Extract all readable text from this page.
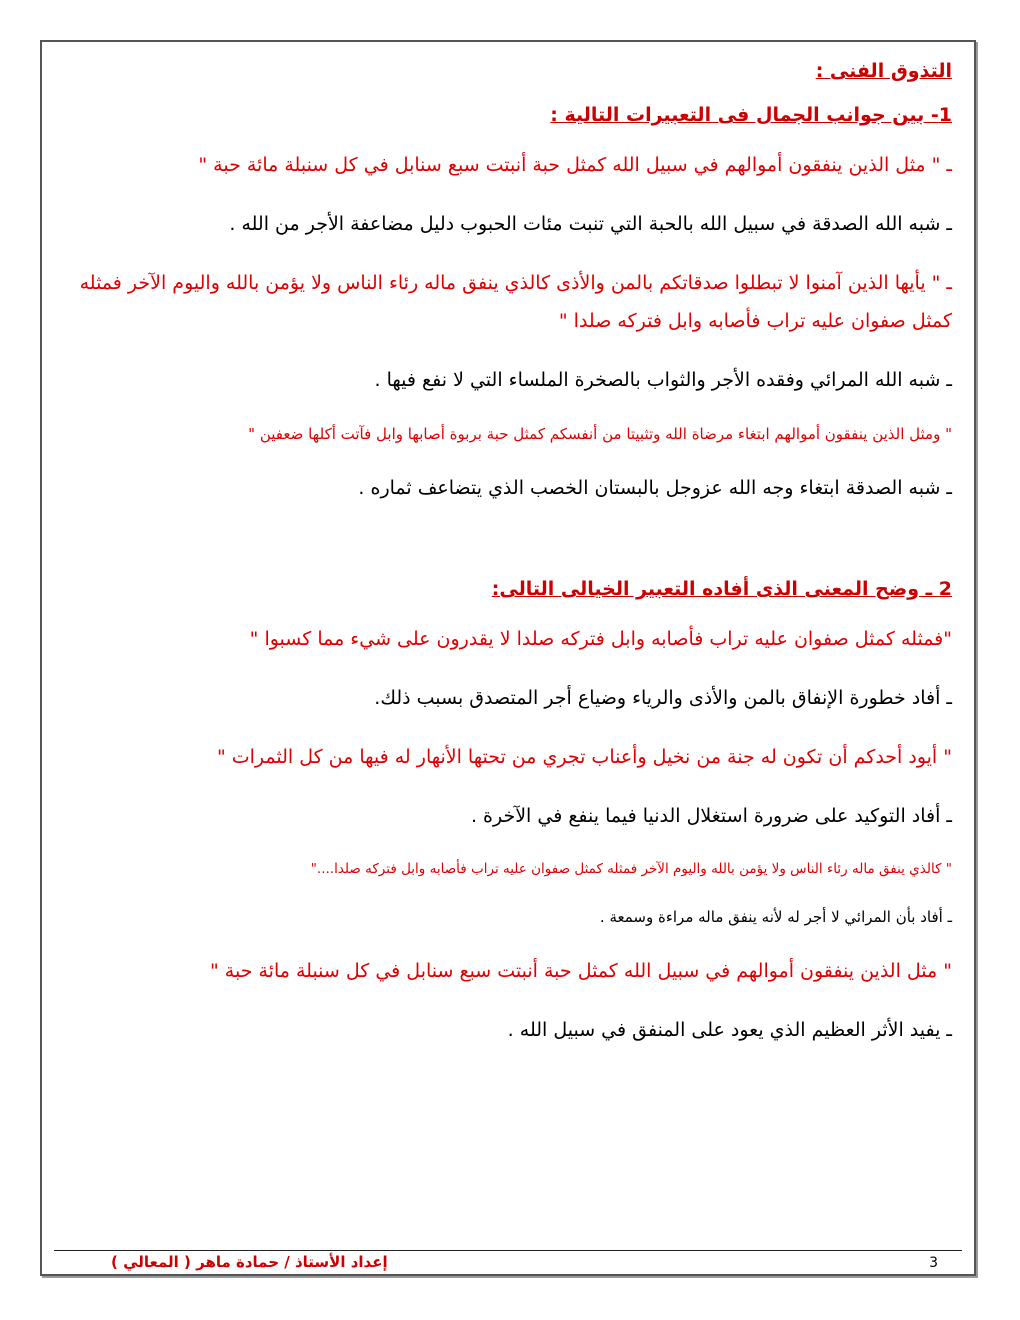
التذوق الفنى :
1- بين جوانب الجمال فى التعبيرات التالية :

ـ " مثل الذين ينفقون أموالهم في سبيل الله كمثل حبة أنبتت سبع سنابل في كل سنبلة مائة حبة "

ـ شبه الله الصدقة في سبيل الله بالحبة التي تنبت مئات الحبوب دليل مضاعفة الأجر من الله .

ـ " يأيها الذين آمنوا لا تبطلوا صدقاتكم بالمن والأذى كالذي ينفق ماله رئاء الناس ولا يؤمن بالله واليوم الآخر فمثله كمثل صفوان عليه تراب فأصابه وابل فتركه صلدا "

ـ شبه الله المرائي وفقده الأجر والثواب بالصخرة الملساء التي لا نفع فيها .

" ومثل الذين ينفقون أموالهم ابتغاء مرضاة الله وتثبيتا من أنفسكم كمثل حبة بربوة أصابها وابل فآتت أكلها ضعفين "

ـ شبه الصدقة ابتغاء وجه الله عزوجل بالبستان الخصب الذي يتضاعف ثماره .

2 ـ وضح المعنى الذى أفاده التعبير الخيالى التالى:

"فمثله كمثل صفوان عليه تراب فأصابه وابل فتركه صلدا لا يقدرون على شيء مما كسبوا "

ـ أفاد خطورة الإنفاق بالمن والأذى والرياء وضياع أجر المتصدق بسبب ذلك.

" أيود أحدكم أن تكون له جنة من نخيل وأعناب تجري من تحتها الأنهار له فيها من كل الثمرات "

ـ أفاد التوكيد على ضرورة استغلال الدنيا فيما ينفع في الآخرة .

" كالذي ينفق ماله رئاء الناس ولا يؤمن بالله واليوم الآخر فمثله كمثل صفوان عليه تراب فأصابه وابل فتركه صلدا...."

ـ أفاد بأن المرائي لا أجر له لأنه ينفق ماله مراءة وسمعة .

" مثل الذين ينفقون أموالهم في سبيل الله كمثل حبة أنبتت سبع سنابل في كل سنبلة مائة حبة "

ـ يفيد الأثر العظيم الذي يعود على المنفق في سبيل الله .

إعداد الأستاذ / حمادة ماهر ( المعالي )	3
